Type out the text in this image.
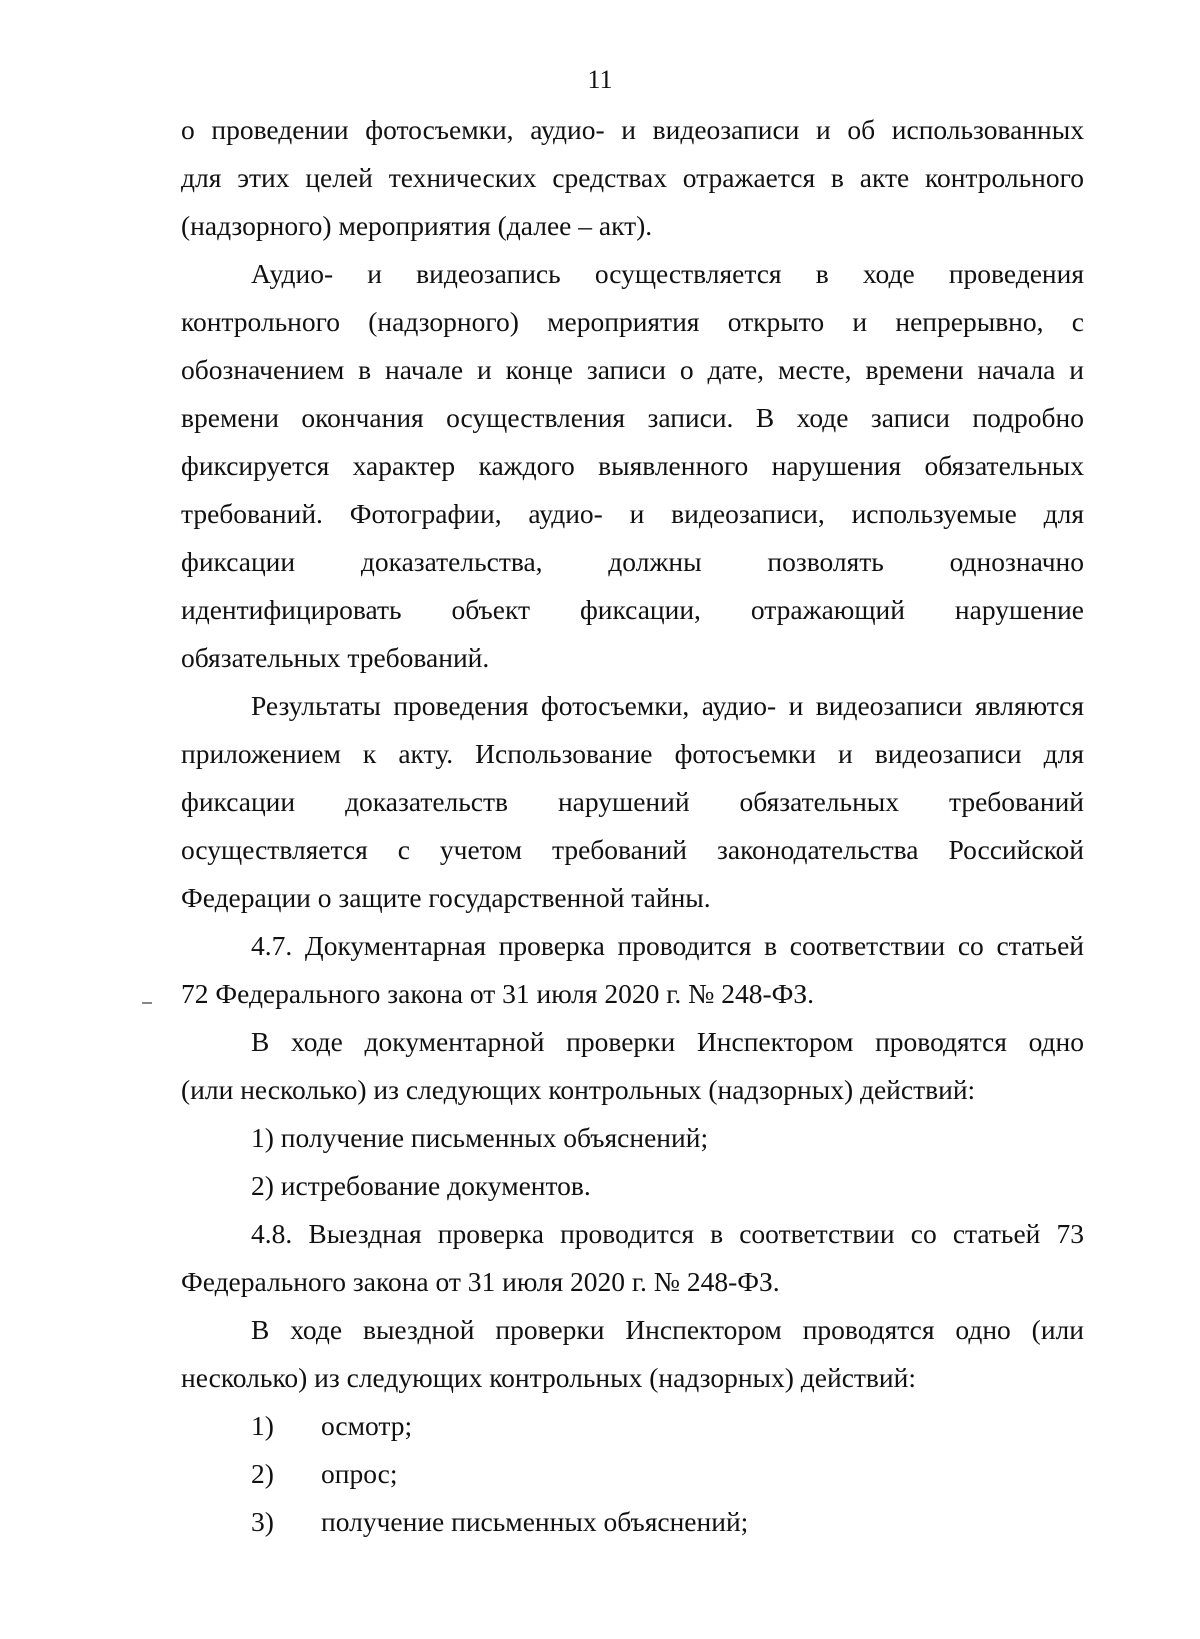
11
о проведении фотосъемки, аудио- и видеозаписи и об использованных
для этих целей технических средствах отражается в акте контрольного
(надзорного) мероприятия (далее – акт).
Аудио- и видеозапись осуществляется в ходе проведения
контрольного (надзорного) мероприятия открыто и непрерывно, с
обозначением в начале и конце записи о дате, месте, времени начала и
времени окончания осуществления записи. В ходе записи подробно
фиксируется характер каждого выявленного нарушения обязательных
требований. Фотографии, аудио- и видеозаписи, используемые для
фиксации доказательства, должны позволять однозначно
идентифицировать объект фиксации, отражающий нарушение
обязательных требований.
Результаты проведения фотосъемки, аудио- и видеозаписи являются
приложением к акту. Использование фотосъемки и видеозаписи для
фиксации доказательств нарушений обязательных требований
осуществляется с учетом требований законодательства Российской
Федерации о защите государственной тайны.
4.7. Документарная проверка проводится в соответствии со статьей
72 Федерального закона от 31 июля 2020 г. № 248-ФЗ.
В ходе документарной проверки Инспектором проводятся одно
(или несколько) из следующих контрольных (надзорных) действий:
1) получение письменных объяснений;
2) истребование документов.
4.8. Выездная проверка проводится в соответствии со статьей 73
Федерального закона от 31 июля 2020 г. № 248-ФЗ.
В ходе выездной проверки Инспектором проводятся одно (или
несколько) из следующих контрольных (надзорных) действий:
1) осмотр;
2) опрос;
3) получение письменных объяснений;
